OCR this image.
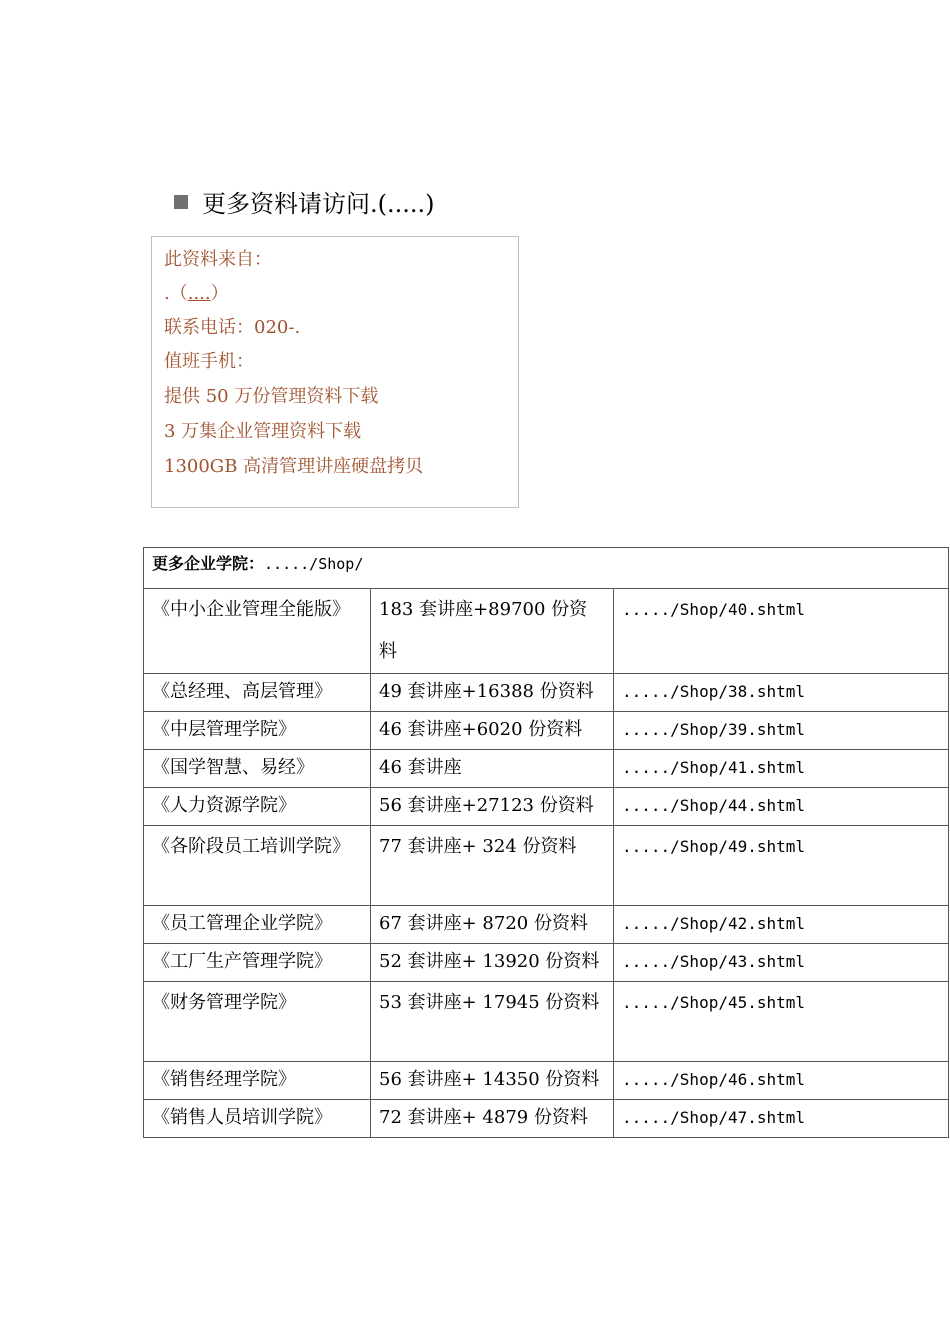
更多资料请访问.(.....)
此资料来自：
.（....）
联系电话：020-.
值班手机：
提供 50 万份管理资料下载
3 万集企业管理资料下载
1300GB 高清管理讲座硬盘拷贝
更多企业学院：...../Shop/		
《中小企业管理全能版》	183 套讲座+89700 份资料	...../Shop/40.shtml
《总经理、高层管理》	49 套讲座+16388 份资料	...../Shop/38.shtml
《中层管理学院》	46 套讲座+6020 份资料	...../Shop/39.shtml
《国学智慧、易经》	46 套讲座	...../Shop/41.shtml
《人力资源学院》	56 套讲座+27123 份资料	...../Shop/44.shtml
《各阶段员工培训学院》	77 套讲座+ 324 份资料	...../Shop/49.shtml
《员工管理企业学院》	67 套讲座+ 8720 份资料	...../Shop/42.shtml
《工厂生产管理学院》	52 套讲座+ 13920 份资料	...../Shop/43.shtml
《财务管理学院》	53 套讲座+ 17945 份资料	...../Shop/45.shtml
《销售经理学院》	56 套讲座+ 14350 份资料	...../Shop/46.shtml
《销售人员培训学院》	72 套讲座+ 4879 份资料	...../Shop/47.shtml
